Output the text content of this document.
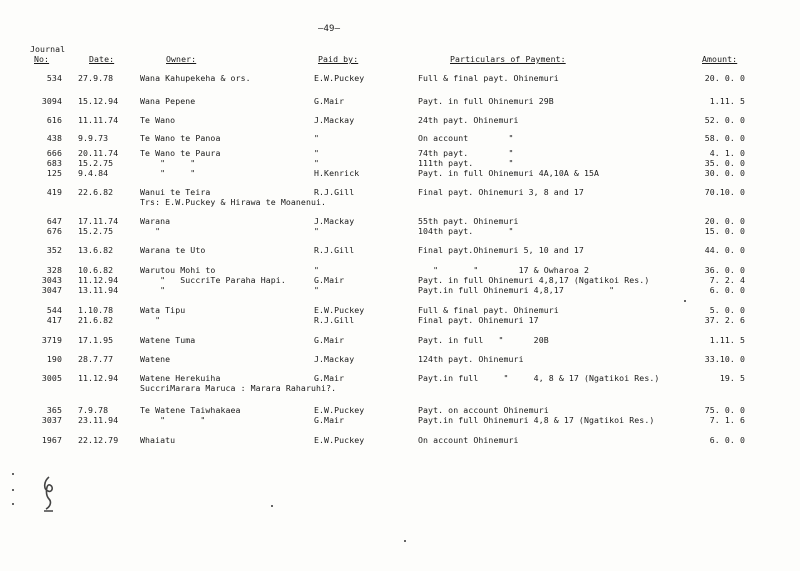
—49—
Journal
No:	Date:	Owner:	Paid by:	Particulars of Payment:	Amount:
534 27.9.78	Wana Kahupekeha & ors.	E.W.Puckey	Full & final payt. Ohinemuri	20. 0. 0
3094 15.12.94	Wana Pepene	G.Mair	Payt. in full Ohinemuri 29B	1.11. 5
616 11.11.74	Te Wano	J.Mackay	24th payt. Ohinemuri	52. 0. 0
438 9.9.73	Te Wano te Panoa	"	On account        "	58. 0. 0
666 20.11.74	Te Wano te Paura	"	74th payt.        "	4. 1. 0
683 15.2.75	"     "	"	111th payt.       "	35. 0. 0
125 9.4.84	"     "	H.Kenrick	Payt. in full Ohinemuri 4A,10A & 15A	30. 0. 0
419 22.6.82	Wanui te Teira	R.J.Gill	Final payt. Ohinemuri 3, 8 and 17	70.10. 0
Trs: E.W.Puckey & Hirawa te Moanenui.
647 17.11.74	Warana	J.Mackay	55th payt. Ohinemuri	20. 0. 0
676 15.2.75	"	"	104th payt.       "	15. 0. 0
352 13.6.82	Warana te Uto	R.J.Gill	Final payt.Ohinemuri 5, 10 and 17	44. 0. 0
328 10.6.82	Warutou Mohi to	"	"       "        17 & Owharoa 2	36. 0. 0
3043 11.12.94	"   SuccriTe Paraha Hapi.	G.Mair	Payt. in full Ohinemuri 4,8,17 (Ngatikoi Res.)	7. 2. 4
3047 13.11.94	"	"	Payt.in full Ohinemuri 4,8,17         "	6. 0. 0
544 1.10.78	Wata Tipu	E.W.Puckey	Full & final payt. Ohinemuri	5. 0. 0
417 21.6.82	"	R.J.Gill	Final payt. Ohinemuri 17	37. 2. 6
3719 17.1.95	Watene Tuma	G.Mair	Payt. in full   "      20B	1.11. 5
190 28.7.77	Watene	J.Mackay	124th payt. Ohinemuri	33.10. 0
3005 11.12.94	Watene Herekuiha	G.Mair	Payt.in full     "     4, 8 & 17 (Ngatikoi Res.)	19. 5
SuccriMarara Maruca : Marara Raharuhi?.
365 7.9.78	Te Watene Taiwhakaea	E.W.Puckey	Payt. on account Ohinemuri	75. 0. 0
3037 23.11.94	"       "	G.Mair	Payt.in full Ohinemuri 4,8 & 17 (Ngatikoi Res.)	7. 1. 6
1967 22.12.79	Whaiatu	E.W.Puckey	On account Ohinemuri	6. 0. 0
